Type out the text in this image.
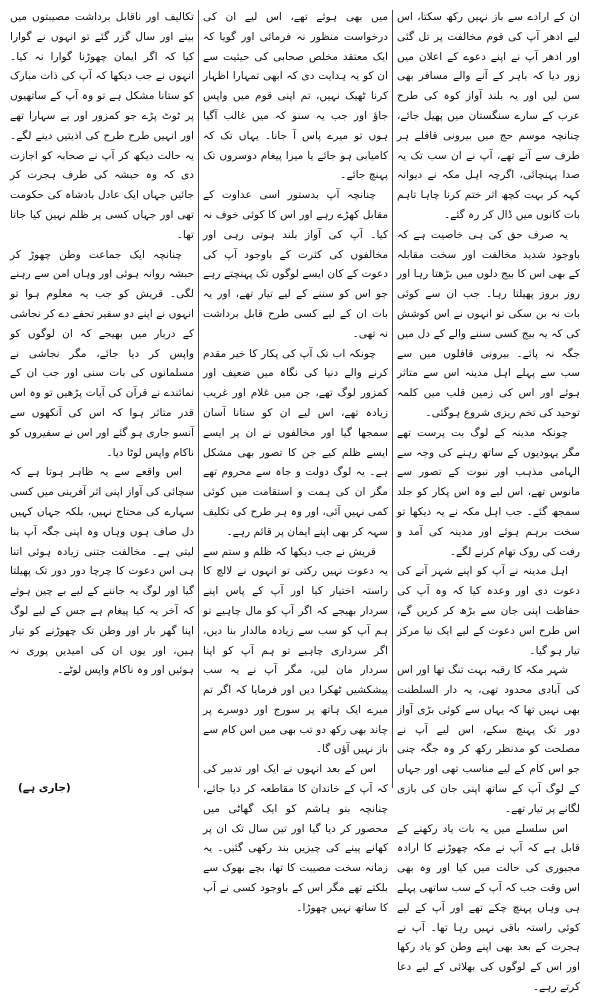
ان کے ارادے سے باز نہیں رکھ سکتا، اس لیے ادھر آپ کی قوم مخالفت پر تل گئی اور ادھر آپ نے اپنے دعوے کے اعلان میں زور دیا کہ باہر کے آنے والے مسافر بھی سن لیں اور یہ بلند آواز کوہ کی طرح عرب کے سارے سنگستان میں پھیل جائے، چنانچہ موسم حج میں بیرونی قافلے ہر طرف سے آتے تھے، آپ نے ان سب تک یہ صدا پہنچائی، اگرچہ اہل مکہ نے دیوانہ کہہ کر بہت کچھ اثر ختم کرنا چاہا تاہم بات کانوں میں ڈال کر رہ گئے۔

یہ صرف حق کی ہی خاصیت ہے کہ باوجود شدید مخالفت اور سخت مقابلہ کے بھی اس کا بیج دلوں میں بڑھتا رہا اور روز بروز پھیلتا رہا۔ جب ان سے کوئی بات نہ بن سکی تو انہوں نے اس کوشش کی کہ یہ بیج کسی سننے والے کے دل میں جگہ نہ پائے۔ بیرونی قافلوں میں سے سب سے پہلے اہل مدینہ اس سے متاثر ہوئے اور اس کی زمین قلب میں کلمہ توحید کی تخم ریزی شروع ہوگئی۔

چونکہ مدینہ کے لوگ بت پرست تھے مگر یہودیوں کے ساتھ رہنے کی وجہ سے الہامی مذہب اور نبوت کے تصور سے مانوس تھے، اس لیے وہ اس پکار کو جلد سمجھ گئے۔ جب اہل مکہ نے یہ دیکھا تو سخت برہم ہوئے اور مدینہ کی آمد و رفت کی روک تھام کرنے لگے۔

اہل مدینہ نے آپ کو اپنے شہر آنے کی دعوت دی اور وعدہ کیا کہ وہ آپ کی حفاظت اپنی جان سے بڑھ کر کریں گے، اس طرح اس دعوت کے لیے ایک نیا مرکز تیار ہو گیا۔

شہر مکہ کا رقبہ بہت تنگ تھا اور اس کی آبادی محدود تھی، یہ دار السلطنت بھی نہیں تھا کہ یہاں سے کوئی بڑی آواز دور تک پہنچ سکے، اس لیے آپ نے مصلحت کو مدنظر رکھ کر وہ جگہ چنی جو اس کام کے لیے مناسب تھی اور جہاں کے لوگ آپ کے ساتھ اپنی جان کی بازی لگانے پر تیار تھے۔

اس سلسلے میں یہ بات یاد رکھنے کے قابل ہے کہ آپ نے مکہ چھوڑنے کا ارادہ مجبوری کی حالت میں کیا اور وہ بھی اس وقت جب کہ آپ کے سب ساتھی پہلے ہی وہاں پہنچ چکے تھے اور آپ کے لیے کوئی راستہ باقی نہیں رہا تھا۔ آپ نے ہجرت کے بعد بھی اپنے وطن کو یاد رکھا اور اس کے لوگوں کی بھلائی کے لیے دعا کرتے رہے۔

میں بھی ہوئے تھے، اس لیے ان کی درخواست منظور نہ فرمائی اور گویا کہ ایک معتقد مخلص صحابی کی حیثیت سے ان کو یہ ہدایت دی کہ ابھی تمہارا اظہار کرنا ٹھیک نہیں، تم اپنی قوم میں واپس جاؤ اور جب یہ سنو کہ میں غالب آگیا ہوں تو میرے پاس آ جانا۔ یہاں تک کہ کامیابی ہو جائے یا میرا پیغام دوسروں تک پہنچ جائے۔

چنانچہ آپ بدستور اسی عداوت کے مقابل کھڑے رہے اور اس کا کوئی خوف نہ کیا۔ آپ کی آواز بلند ہوتی رہی اور مخالفوں کی کثرت کے باوجود آپ کی دعوت کے کان ایسے لوگوں تک پہنچتے رہے جو اس کو سننے کے لیے تیار تھے، اور یہ بات ان کے لیے کسی طرح قابل برداشت نہ تھی۔

چونکہ اب تک آپ کی پکار کا خیر مقدم کرنے والے دنیا کی نگاہ میں ضعیف اور کمزور لوگ تھے، جن میں غلام اور غریب زیادہ تھے، اس لیے ان کو ستانا آسان سمجھا گیا اور مخالفوں نے ان پر ایسے ایسے ظلم کیے جن کا تصور بھی مشکل ہے۔ یہ لوگ دولت و جاہ سے محروم تھے مگر ان کی ہمت و استقامت میں کوئی کمی نہیں آئی، اور وہ ہر طرح کی تکلیف سہہ کر بھی اپنے ایمان پر قائم رہے۔

قریش نے جب دیکھا کہ ظلم و ستم سے یہ دعوت نہیں رکتی تو انہوں نے لالچ کا راستہ اختیار کیا اور آپ کے پاس اپنے سردار بھیجے کہ اگر آپ کو مال چاہیے تو ہم آپ کو سب سے زیادہ مالدار بنا دیں، اگر سرداری چاہیے تو ہم آپ کو اپنا سردار مان لیں، مگر آپ نے یہ سب پیشکشیں ٹھکرا دیں اور فرمایا کہ اگر تم میرے ایک ہاتھ پر سورج اور دوسرے پر چاند بھی رکھ دو تب بھی میں اس کام سے باز نہیں آؤں گا۔

اس کے بعد انہوں نے ایک اور تدبیر کی کہ آپ کے خاندان کا مقاطعہ کر دیا جائے، چنانچہ بنو ہاشم کو ایک گھاٹی میں محصور کر دیا گیا اور تین سال تک ان پر کھانے پینے کی چیزیں بند رکھی گئیں۔ یہ زمانہ سخت مصیبت کا تھا، بچے بھوک سے بلکتے تھے مگر اس کے باوجود کسی نے آپ کا ساتھ نہیں چھوڑا۔

تکالیف اور ناقابل برداشت مصیبتوں میں بیتے اور سال گزر گئے تو انہوں نے گوارا کیا کہ اگر ایمان چھوڑنا گوارا نہ کیا۔ انہوں نے جب دیکھا کہ آپ کی ذات مبارک کو ستانا مشکل ہے تو وہ آپ کے ساتھیوں پر ٹوٹ پڑے جو کمزور اور بے سہارا تھے اور انہیں طرح طرح کی اذیتیں دینے لگے۔ یہ حالت دیکھ کر آپ نے صحابہ کو اجازت دی کہ وہ حبشہ کی طرف ہجرت کر جائیں جہاں ایک عادل بادشاہ کی حکومت تھی اور جہاں کسی پر ظلم نہیں کیا جاتا تھا۔

چنانچہ ایک جماعت وطن چھوڑ کر حبشہ روانہ ہوئی اور وہاں امن سے رہنے لگی۔ قریش کو جب یہ معلوم ہوا تو انہوں نے اپنے دو سفیر تحفے دے کر نجاشی کے دربار میں بھیجے کہ ان لوگوں کو واپس کر دیا جائے، مگر نجاشی نے مسلمانوں کی بات سنی اور جب ان کے نمائندے نے قرآن کی آیات پڑھیں تو وہ اس قدر متاثر ہوا کہ اس کی آنکھوں سے آنسو جاری ہو گئے اور اس نے سفیروں کو ناکام واپس لوٹا دیا۔

اس واقعے سے یہ ظاہر ہوتا ہے کہ سچائی کی آواز اپنی اثر آفرینی میں کسی سہارے کی محتاج نہیں، بلکہ جہاں کہیں دل صاف ہوں وہاں وہ اپنی جگہ آپ بنا لیتی ہے۔ مخالفت جتنی زیادہ ہوئی اتنا ہی اس دعوت کا چرچا دور دور تک پھیلتا گیا اور لوگ یہ جاننے کے لیے بے چین ہوئے کہ آخر یہ کیا پیغام ہے جس کے لیے لوگ اپنا گھر بار اور وطن تک چھوڑنے کو تیار ہیں، اور یوں ان کی امیدیں پوری نہ ہوئیں اور وہ ناکام واپس لوٹے۔

(جاری ہے)
